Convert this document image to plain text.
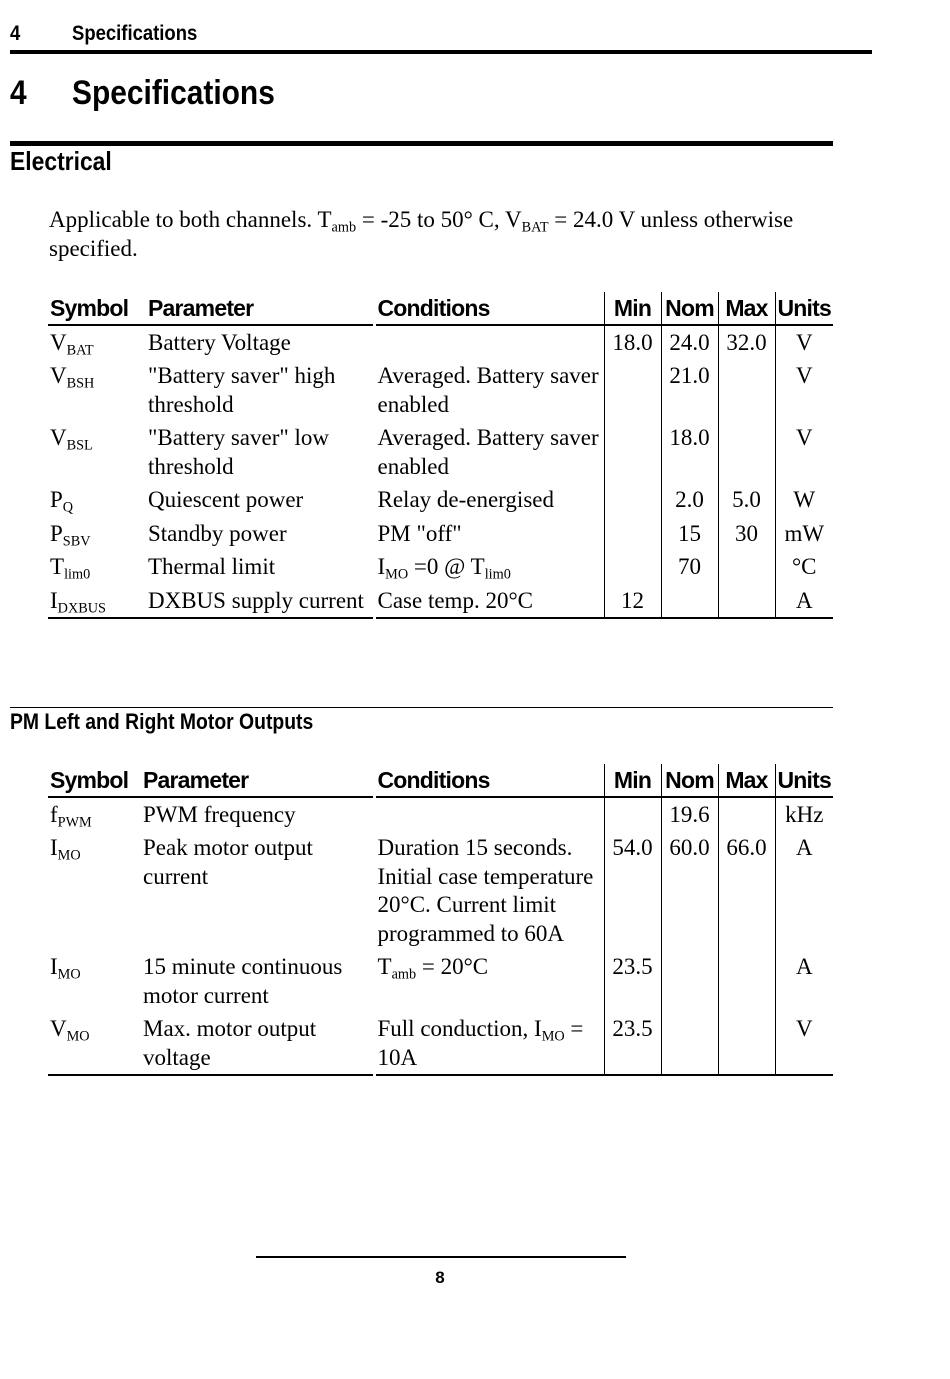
4 Specifications
4 Specifications
Electrical
Applicable to both channels. $T_{amb} = -25$ to 50° C, $V_{BAT} = 24.0$ V unless otherwise specified.
Symbol	Parameter	Conditions	Min	Nom	Max	Units
$V_{BAT}$	Battery Voltage		18.0	24.0	32.0	V
$V_{BSH}$	"Battery saver" high threshold	Averaged. Battery saver enabled		21.0		V
$V_{BSL}$	"Battery saver" low threshold	Averaged. Battery saver enabled		18.0		V
$P_Q$	Quiescent power	Relay de-energised		2.0	5.0	W
$P_{SBV}$	Standby power	PM "off"		15	30	mW
$T_{lim0}$	Thermal limit	$I_{MO} =0$ @ $T_{lim0}$		70		°C
$I_{DXBUS}$	DXBUS supply current	Case temp. 20°C	12			A
PM Left and Right Motor Outputs
Symbol	Parameter	Conditions	Min	Nom	Max	Units
$f_{PWM}$	PWM frequency			19.6		kHz
$I_{MO}$	Peak motor output current	Duration 15 seconds. Initial case temperature 20°C. Current limit programmed to 60A	54.0	60.0	66.0	A
$I_{MO}$	15 minute continuous motor current	$T_{amb} = 20^\circ C$	23.5			A
$V_{MO}$	Max. motor output voltage	Full conduction, $I_{MO} = 10A$	23.5			V
8
